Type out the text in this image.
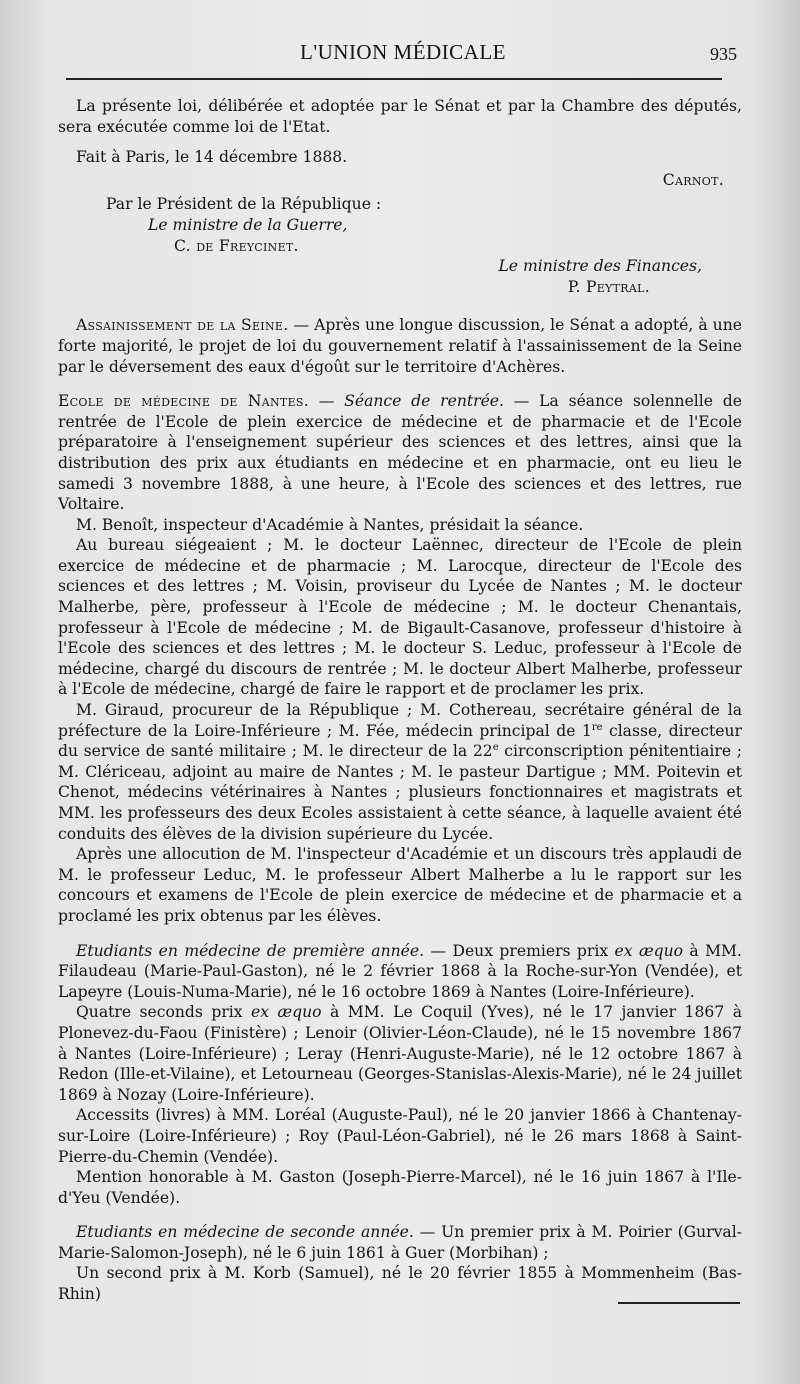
L'UNION MÉDICALE	935

La présente loi, délibérée et adoptée par le Sénat et par la Chambre des députés, sera exécutée comme loi de l'Etat.

Fait à Paris, le 14 décembre 1888.

Carnot.

Par le Président de la République :

Le ministre de la Guerre,

C. de Freycinet.

Le ministre des Finances,

P. Peytral.

Assainissement de la Seine. — Après une longue discussion, le Sénat a adopté, à une forte majorité, le projet de loi du gouvernement relatif à l'assainissement de la Seine par le déversement des eaux d'égoût sur le territoire d'Achères.

Ecole de médecine de Nantes. — Séance de rentrée. — La séance solennelle de rentrée de l'Ecole de plein exercice de médecine et de pharmacie et de l'Ecole préparatoire à l'enseignement supérieur des sciences et des lettres, ainsi que la distribution des prix aux étudiants en médecine et en pharmacie, ont eu lieu le samedi 3 novembre 1888, à une heure, à l'Ecole des sciences et des lettres, rue Voltaire.

M. Benoît, inspecteur d'Académie à Nantes, présidait la séance.

Au bureau siégeaient ; M. le docteur Laënnec, directeur de l'Ecole de plein exercice de médecine et de pharmacie ; M. Larocque, directeur de l'Ecole des sciences et des lettres ; M. Voisin, proviseur du Lycée de Nantes ; M. le docteur Malherbe, père, professeur à l'Ecole de médecine ; M. le docteur Chenantais, professeur à l'Ecole de médecine ; M. de Bigault-Casanove, professeur d'histoire à l'Ecole des sciences et des lettres ; M. le docteur S. Leduc, professeur à l'Ecole de médecine, chargé du discours de rentrée ; M. le docteur Albert Malherbe, professeur à l'Ecole de médecine, chargé de faire le rapport et de proclamer les prix.

M. Giraud, procureur de la République ; M. Cothereau, secrétaire général de la préfecture de la Loire-Inférieure ; M. Fée, médecin principal de 1re classe, directeur du service de santé militaire ; M. le directeur de la 22e circonscription pénitentiaire ; M. Clériceau, adjoint au maire de Nantes ; M. le pasteur Dartigue ; MM. Poitevin et Chenot, médecins vétérinaires à Nantes ; plusieurs fonctionnaires et magistrats et MM. les professeurs des deux Ecoles assistaient à cette séance, à laquelle avaient été conduits des élèves de la division supérieure du Lycée.

Après une allocution de M. l'inspecteur d'Académie et un discours très applaudi de M. le professeur Leduc, M. le professeur Albert Malherbe a lu le rapport sur les concours et examens de l'Ecole de plein exercice de médecine et de pharmacie et a proclamé les prix obtenus par les élèves.

Etudiants en médecine de première année. — Deux premiers prix ex æquo à MM. Filaudeau (Marie-Paul-Gaston), né le 2 février 1868 à la Roche-sur-Yon (Vendée), et Lapeyre (Louis-Numa-Marie), né le 16 octobre 1869 à Nantes (Loire-Inférieure).

Quatre seconds prix ex æquo à MM. Le Coquil (Yves), né le 17 janvier 1867 à Plonevez-du-Faou (Finistère) ; Lenoir (Olivier-Léon-Claude), né le 15 novembre 1867 à Nantes (Loire-Inférieure) ; Leray (Henri-Auguste-Marie), né le 12 octobre 1867 à Redon (Ille-et-Vilaine), et Letourneau (Georges-Stanislas-Alexis-Marie), né le 24 juillet 1869 à Nozay (Loire-Inférieure).

Accessits (livres) à MM. Loréal (Auguste-Paul), né le 20 janvier 1866 à Chantenay-sur-Loire (Loire-Inférieure) ; Roy (Paul-Léon-Gabriel), né le 26 mars 1868 à Saint-Pierre-du-Chemin (Vendée).

Mention honorable à M. Gaston (Joseph-Pierre-Marcel), né le 16 juin 1867 à l'Ile-d'Yeu (Vendée).

Etudiants en médecine de seconde année. — Un premier prix à M. Poirier (Gurval-Marie-Salomon-Joseph), né le 6 juin 1861 à Guer (Morbihan) ;

Un second prix à M. Korb (Samuel), né le 20 février 1855 à Mommenheim (Bas-Rhin)
